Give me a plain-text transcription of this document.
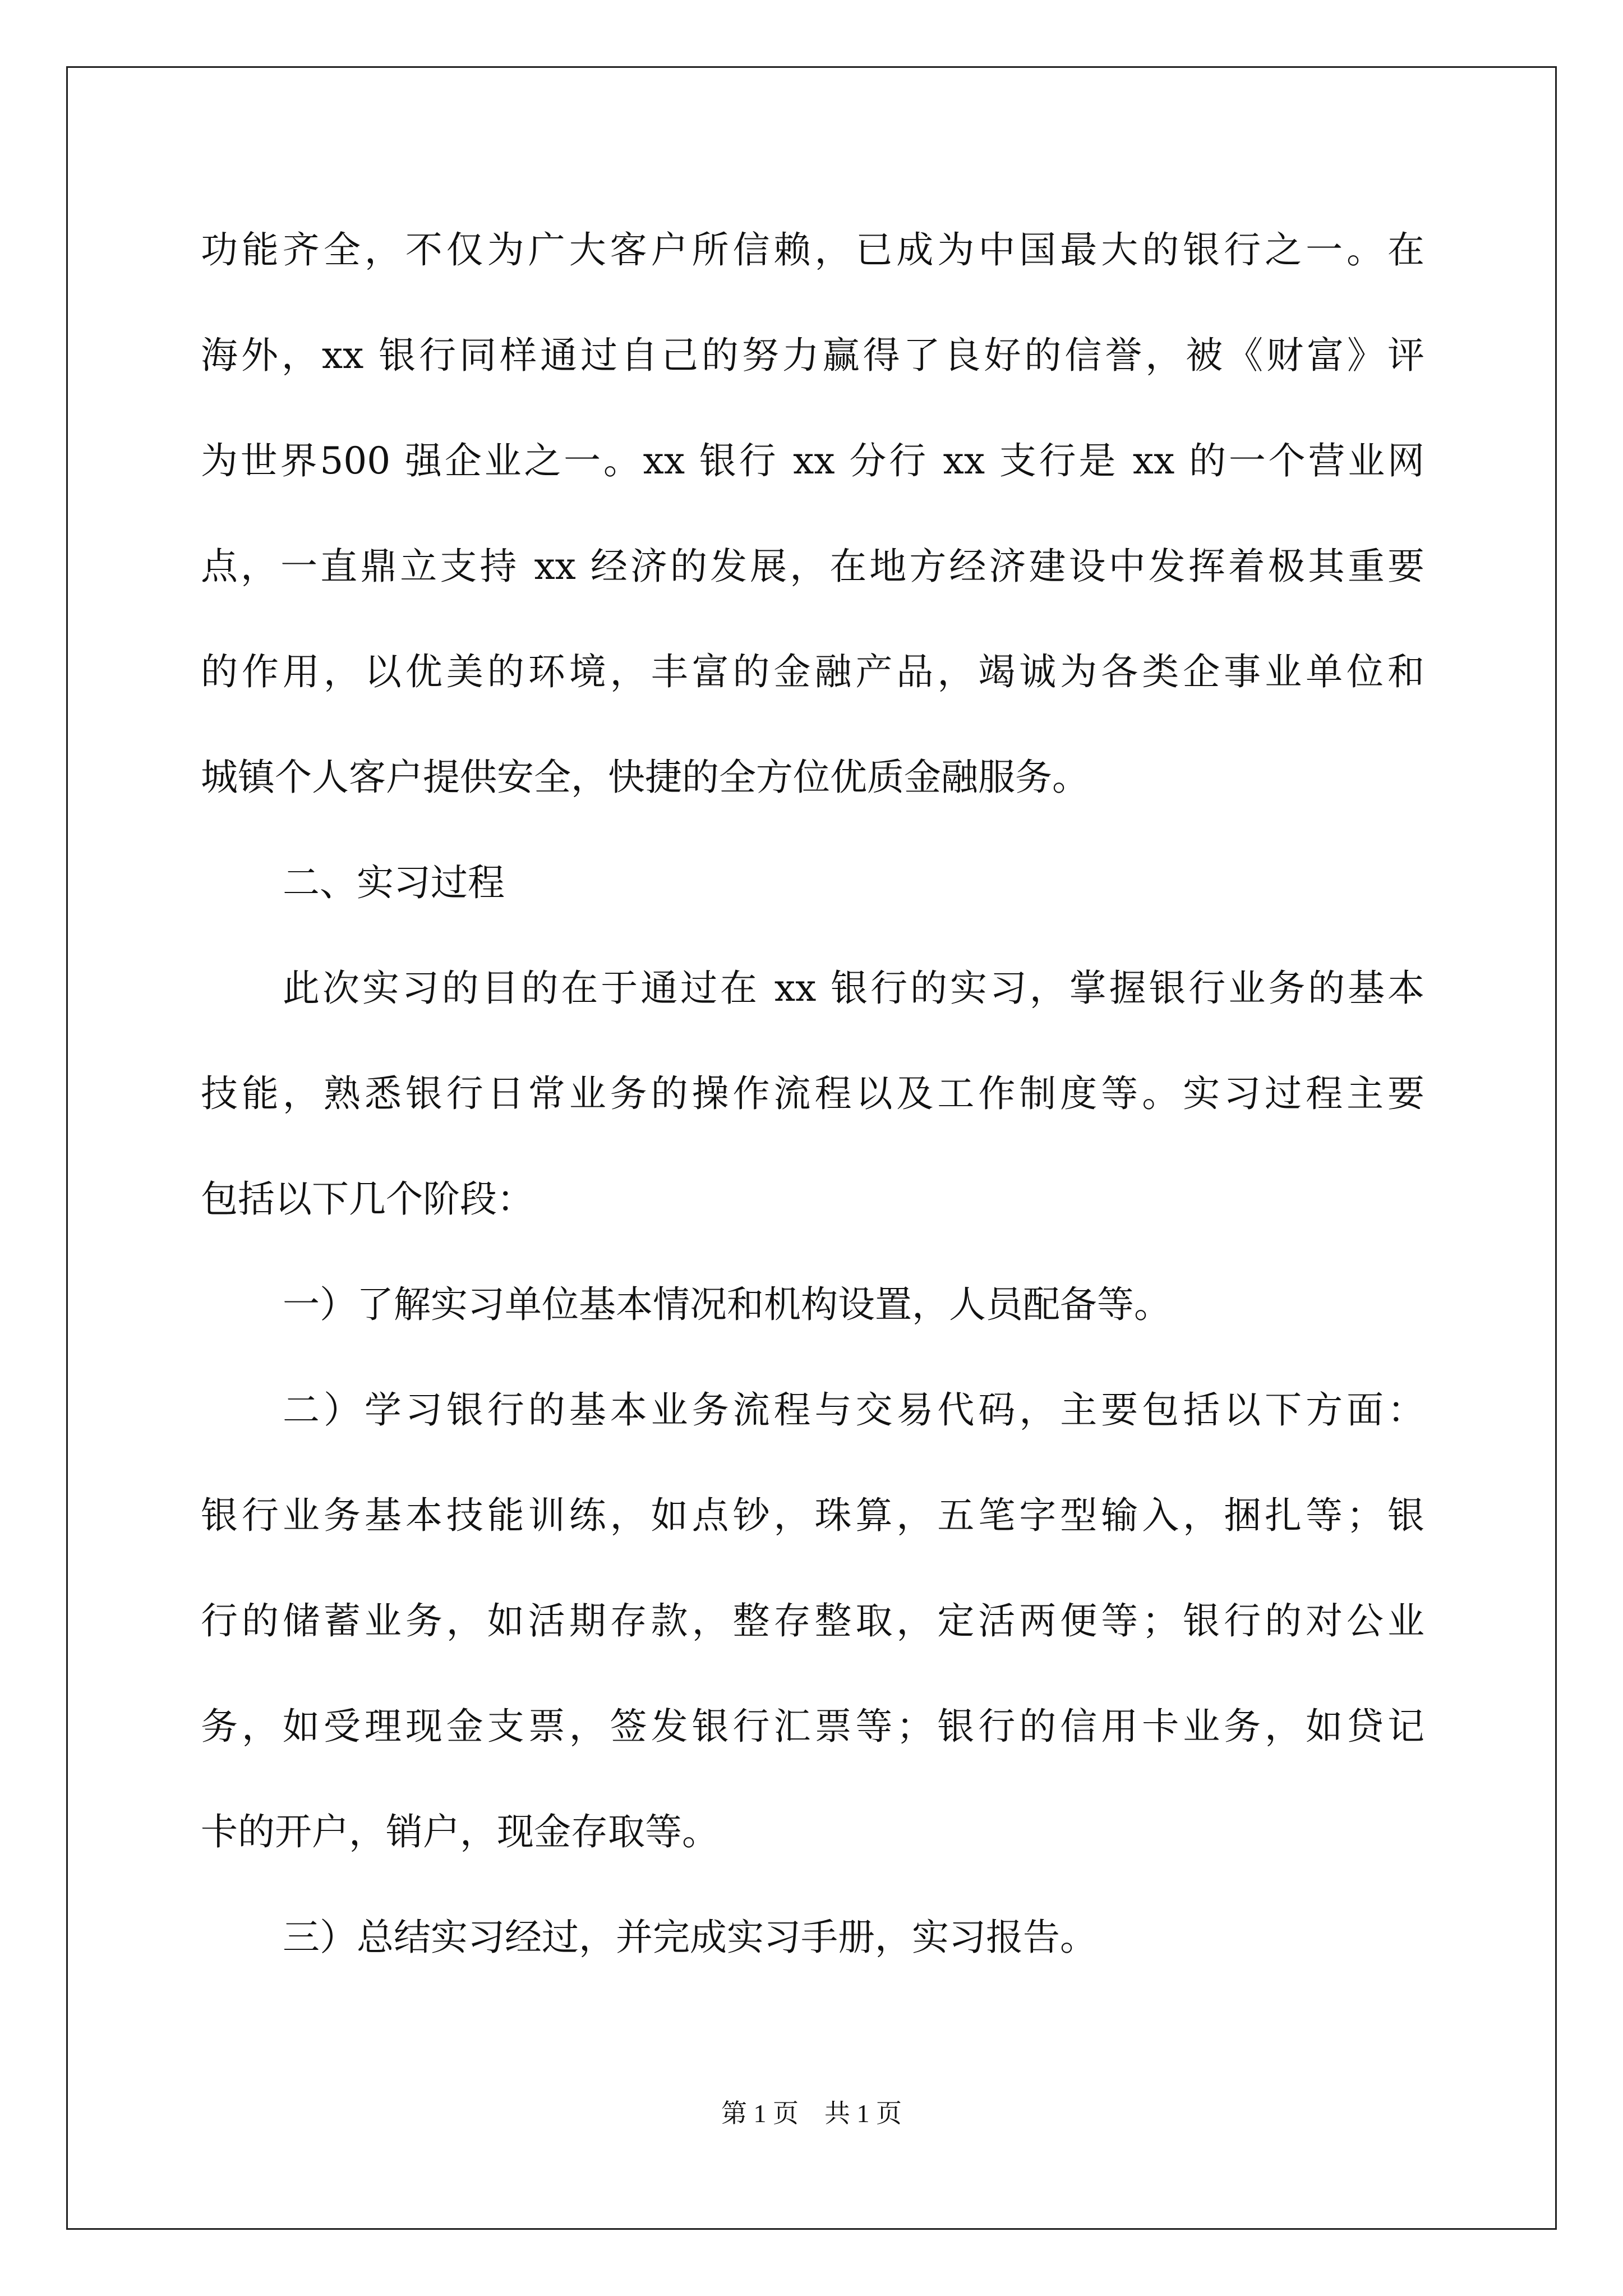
功能齐全，不仅为广大客户所信赖，已成为中国最大的银行之一。在
海外，xx 银行同样通过自己的努力赢得了良好的信誉，被《财富》评
为世界500 强企业之一。xx 银行 xx 分行 xx 支行是 xx 的一个营业网
点，一直鼎立支持 xx 经济的发展，在地方经济建设中发挥着极其重要
的作用，以优美的环境，丰富的金融产品，竭诚为各类企事业单位和
城镇个人客户提供安全，快捷的全方位优质金融服务。
二、实习过程
此次实习的目的在于通过在 xx 银行的实习，掌握银行业务的基本
技能，熟悉银行日常业务的操作流程以及工作制度等。实习过程主要
包括以下几个阶段：
一）了解实习单位基本情况和机构设置，人员配备等。
二）学习银行的基本业务流程与交易代码，主要包括以下方面：
银行业务基本技能训练，如点钞，珠算，五笔字型输入，捆扎等；银
行的储蓄业务，如活期存款，整存整取，定活两便等；银行的对公业
务，如受理现金支票，签发银行汇票等；银行的信用卡业务，如贷记
卡的开户，销户，现金存取等。
三）总结实习经过，并完成实习手册，实习报告。
第 1 页　共 1 页
